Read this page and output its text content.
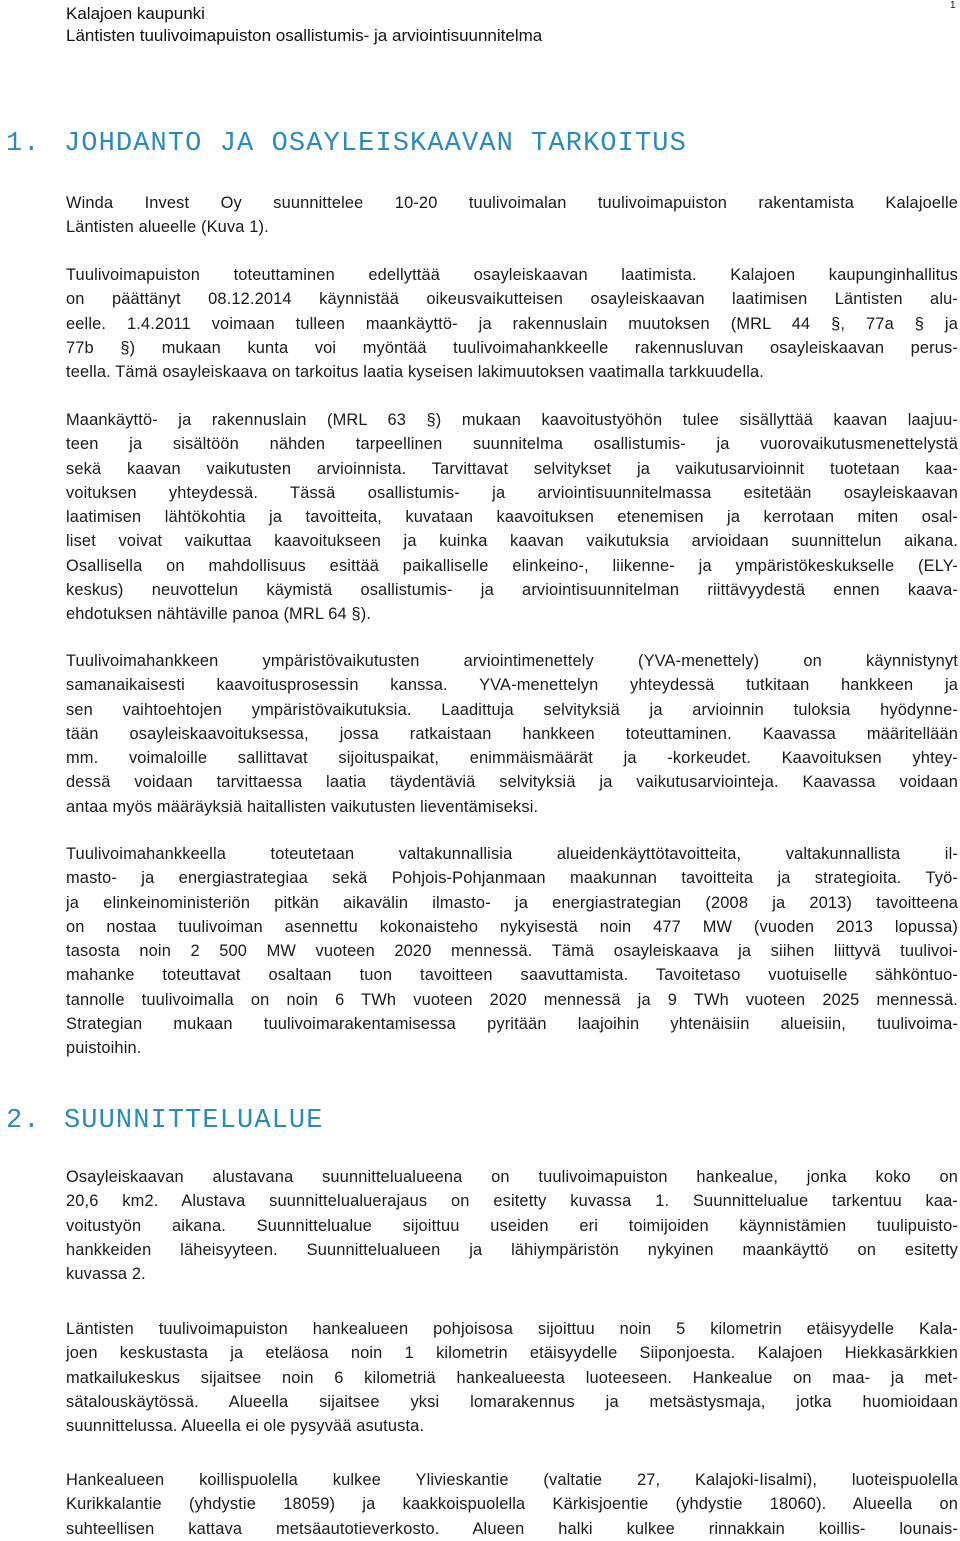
Kalajoen kaupunki
Läntisten tuulivoimapuiston osallistumis- ja arviointisuunnitelma
1
1. JOHDANTO JA OSAYLEISKAAVAN TARKOITUS
Winda Invest Oy suunnittelee 10-20 tuulivoimalan tuulivoimapuiston rakentamista Kalajoelle
Läntisten alueelle (Kuva 1).
Tuulivoimapuiston toteuttaminen edellyttää osayleiskaavan laatimista. Kalajoen kaupunginhallitus
on päättänyt 08.12.2014 käynnistää oikeusvaikutteisen osayleiskaavan laatimisen Läntisten alu-
eelle. 1.4.2011 voimaan tulleen maankäyttö- ja rakennuslain muutoksen (MRL 44 §, 77a § ja
77b §) mukaan kunta voi myöntää tuulivoimahankkeelle rakennusluvan osayleiskaavan perus-
teella. Tämä osayleiskaava on tarkoitus laatia kyseisen lakimuutoksen vaatimalla tarkkuudella.
Maankäyttö- ja rakennuslain (MRL 63 §) mukaan kaavoitustyöhön tulee sisällyttää kaavan laajuu-
teen ja sisältöön nähden tarpeellinen suunnitelma osallistumis- ja vuorovaikutusmenettelystä
sekä kaavan vaikutusten arvioinnista. Tarvittavat selvitykset ja vaikutusarvioinnit tuotetaan kaa-
voituksen yhteydessä. Tässä osallistumis- ja arviointisuunnitelmassa esitetään osayleiskaavan
laatimisen lähtökohtia ja tavoitteita, kuvataan kaavoituksen etenemisen ja kerrotaan miten osal-
liset voivat vaikuttaa kaavoitukseen ja kuinka kaavan vaikutuksia arvioidaan suunnittelun aikana.
Osallisella on mahdollisuus esittää paikalliselle elinkeino-, liikenne- ja ympäristökeskukselle (ELY-
keskus) neuvottelun käymistä osallistumis- ja arviointisuunnitelman riittävyydestä ennen kaava-
ehdotuksen nähtäville panoa (MRL 64 §).
Tuulivoimahankkeen ympäristövaikutusten arviointimenettely (YVA-menettely) on käynnistynyt
samanaikaisesti kaavoitusprosessin kanssa. YVA-menettelyn yhteydessä tutkitaan hankkeen ja
sen vaihtoehtojen ympäristövaikutuksia. Laadittuja selvityksiä ja arvioinnin tuloksia hyödynne-
tään osayleiskaavoituksessa, jossa ratkaistaan hankkeen toteuttaminen. Kaavassa määritellään
mm. voimaloille sallittavat sijoituspaikat, enimmäismäärät ja -korkeudet. Kaavoituksen yhtey-
dessä voidaan tarvittaessa laatia täydentäviä selvityksiä ja vaikutusarviointeja. Kaavassa voidaan
antaa myös määräyksiä haitallisten vaikutusten lieventämiseksi.
Tuulivoimahankkeella toteutetaan valtakunnallisia alueidenkäyttötavoitteita, valtakunnallista il-
masto- ja energiastrategiaa sekä Pohjois-Pohjanmaan maakunnan tavoitteita ja strategioita. Työ-
ja elinkeinoministeriön pitkän aikavälin ilmasto- ja energiastrategian (2008 ja 2013) tavoitteena
on nostaa tuulivoiman asennettu kokonaisteho nykyisestä noin 477 MW (vuoden 2013 lopussa)
tasosta noin 2 500 MW vuoteen 2020 mennessä. Tämä osayleiskaava ja siihen liittyvä tuulivoi-
mahanke toteuttavat osaltaan tuon tavoitteen saavuttamista. Tavoitetaso vuotuiselle sähköntuo-
tannolle tuulivoimalla on noin 6 TWh vuoteen 2020 mennessä ja 9 TWh vuoteen 2025 mennessä.
Strategian mukaan tuulivoimarakentamisessa pyritään laajoihin yhtenäisiin alueisiin, tuulivoima-
puistoihin.
2. SUUNNITTELUALUE
Osayleiskaavan alustavana suunnittelualueena on tuulivoimapuiston hankealue, jonka koko on
20,6 km2. Alustava suunnittelualuerajaus on esitetty kuvassa 1. Suunnittelualue tarkentuu kaa-
voitustyön aikana. Suunnittelualue sijoittuu useiden eri toimijoiden käynnistämien tuulipuisto-
hankkeiden läheisyyteen. Suunnittelualueen ja lähiympäristön nykyinen maankäyttö on esitetty
kuvassa 2.
Läntisten tuulivoimapuiston hankealueen pohjoisosa sijoittuu noin 5 kilometrin etäisyydelle Kala-
joen keskustasta ja eteläosa noin 1 kilometrin etäisyydelle Siiponjoesta. Kalajoen Hiekkasärkkien
matkailukeskus sijaitsee noin 6 kilometriä hankealueesta luoteeseen. Hankealue on maa- ja met-
sätalouskäytössä. Alueella sijaitsee yksi lomarakennus ja metsästysmaja, jotka huomioidaan
suunnittelussa. Alueella ei ole pysyvää asutusta.
Hankealueen koillispuolella kulkee Ylivieskantie (valtatie 27, Kalajoki-Iisalmi), luoteispuolella
Kurikkalantie (yhdystie 18059) ja kaakkoispuolella Kärkisjoentie (yhdystie 18060). Alueella on
suhteellisen kattava metsäautotieverkosto. Alueen halki kulkee rinnakkain koillis- lounais-
